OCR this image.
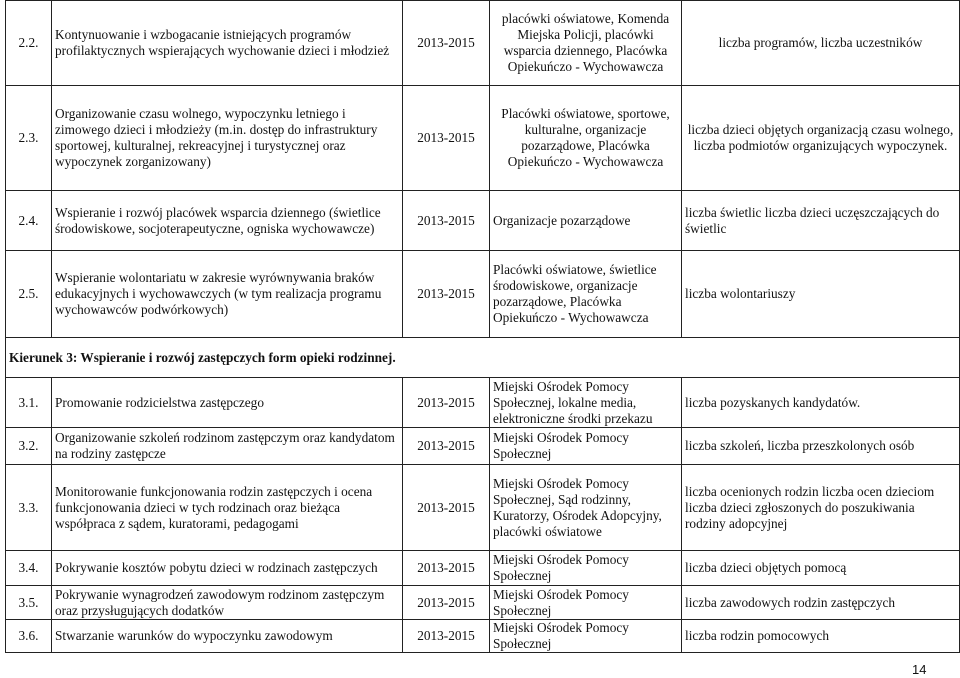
2.2.	Kontynuowanie i wzbogacanie istniejących programów profilaktycznych wspierających wychowanie dzieci i młodzież	2013-2015	placówki oświatowe, Komenda Miejska Policji, placówki wsparcia dziennego, Placówka Opiekuńczo - Wychowawcza	liczba programów, liczba uczestników
2.3.	Organizowanie czasu wolnego, wypoczynku letniego i zimowego dzieci i młodzieży (m.in. dostęp do infrastruktury sportowej, kulturalnej, rekreacyjnej i turystycznej oraz wypoczynek zorganizowany)	2013-2015	Placówki oświatowe, sportowe, kulturalne, organizacje pozarządowe, Placówka Opiekuńczo - Wychowawcza	liczba dzieci objętych organizacją czasu wolnego, liczba podmiotów organizujących wypoczynek.
2.4.	Wspieranie i rozwój placówek wsparcia dziennego (świetlice środowiskowe, socjoterapeutyczne, ogniska wychowawcze)	2013-2015	Organizacje pozarządowe	liczba świetlic liczba dzieci uczęszczających do świetlic
2.5.	Wspieranie wolontariatu w zakresie wyrównywania braków edukacyjnych i wychowawczych (w tym realizacja programu wychowawców podwórkowych)	2013-2015	Placówki oświatowe, świetlice środowiskowe, organizacje pozarządowe, Placówka Opiekuńczo - Wychowawcza	liczba wolontariuszy
Kierunek 3: Wspieranie i rozwój zastępczych form opieki rodzinnej.				
3.1.	Promowanie rodzicielstwa zastępczego	2013-2015	Miejski Ośrodek Pomocy Społecznej, lokalne media, elektroniczne środki przekazu	liczba pozyskanych kandydatów.
3.2.	Organizowanie szkoleń rodzinom zastępczym oraz kandydatom na rodziny zastępcze	2013-2015	Miejski Ośrodek Pomocy Społecznej	liczba szkoleń, liczba przeszkolonych osób
3.3.	Monitorowanie funkcjonowania rodzin zastępczych i ocena funkcjonowania dzieci w tych rodzinach oraz bieżąca współpraca z sądem, kuratorami, pedagogami	2013-2015	Miejski Ośrodek Pomocy Społecznej, Sąd rodzinny, Kuratorzy, Ośrodek Adopcyjny, placówki oświatowe	liczba ocenionych rodzin liczba ocen dzieciom liczba dzieci zgłoszonych do poszukiwania rodziny adopcyjnej
3.4.	Pokrywanie kosztów pobytu dzieci w rodzinach zastępczych	2013-2015	Miejski Ośrodek Pomocy Społecznej	liczba dzieci objętych pomocą
3.5.	Pokrywanie wynagrodzeń zawodowym rodzinom zastępczym oraz przysługujących dodatków	2013-2015	Miejski Ośrodek Pomocy Społecznej	liczba zawodowych rodzin zastępczych
3.6.	Stwarzanie warunków do wypoczynku zawodowym	2013-2015	Miejski Ośrodek Pomocy Społecznej	liczba rodzin pomocowych
14
